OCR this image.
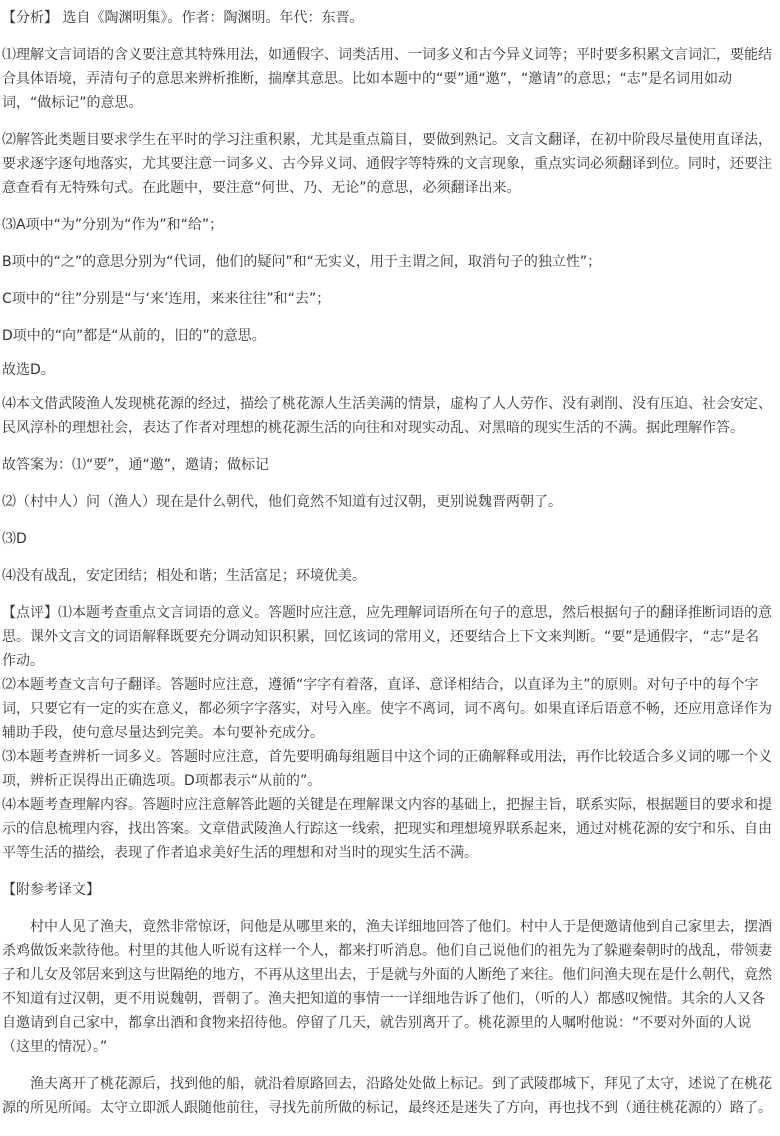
【分析】 选自《陶渊明集》。作者：陶渊明。年代：东晋。

⑴理解文言词语的含义要注意其特殊用法，如通假字、词类活用、一词多义和古今异义词等；平时要多积累文言词汇，要能结合具体语境，弄清句子的意思来辨析推断，揣摩其意思。比如本题中的“要”通“邀”，“邀请”的意思；“志”是名词用如动词，“做标记”的意思。

⑵解答此类题目要求学生在平时的学习注重积累，尤其是重点篇目，要做到熟记。文言文翻译，在初中阶段尽量使用直译法，要求逐字逐句地落实，尤其要注意一词多义、古今异义词、通假字等特殊的文言现象，重点实词必须翻译到位。同时，还要注意查看有无特殊句式。在此题中，要注意“何世、乃、无论”的意思，必须翻译出来。

⑶A项中“为”分别为“作为”和“给”；

B项中的“之”的意思分别为“代词，他们的疑问”和“无实义，用于主谓之间，取消句子的独立性”；

C项中的“往”分别是“与‘来’连用，来来往往”和“去”；

D项中的“向”都是“从前的，旧的”的意思。

故选D。

⑷本文借武陵渔人发现桃花源的经过，描绘了桃花源人生活美满的情景，虚构了人人劳作、没有剥削、没有压迫、社会安定、民风淳朴的理想社会，表达了作者对理想的桃花源生活的向往和对现实动乱、对黑暗的现实生活的不满。据此理解作答。

故答案为：⑴“要”，通“邀”，邀请；做标记

⑵（村中人）问（渔人）现在是什么朝代，他们竟然不知道有过汉朝，更别说魏晋两朝了。

⑶D

⑷没有战乱，安定团结；相处和谐；生活富足；环境优美。

【点评】⑴本题考查重点文言词语的意义。答题时应注意，应先理解词语所在句子的意思，然后根据句子的翻译推断词语的意思。课外文言文的词语解释既要充分调动知识积累，回忆该词的常用义，还要结合上下文来判断。“要”是通假字，“志”是名作动。

⑵本题考查文言句子翻译。答题时应注意，遵循“字字有着落，直译、意译相结合，以直译为主”的原则。对句子中的每个字词，只要它有一定的实在意义，都必须字字落实，对号入座。使字不离词，词不离句。如果直译后语意不畅，还应用意译作为辅助手段，使句意尽量达到完美。本句要补充成分。

⑶本题考查辨析一词多义。答题时应注意，首先要明确每组题目中这个词的正确解释或用法，再作比较适合多义词的哪一个义项，辨析正误得出正确选项。D项都表示“从前的”。

⑷本题考查理解内容。答题时应注意解答此题的关键是在理解课文内容的基础上，把握主旨，联系实际，根据题目的要求和提示的信息梳理内容，找出答案。文章借武陵渔人行踪这一线索，把现实和理想境界联系起来，通过对桃花源的安宁和乐、自由平等生活的描绘，表现了作者追求美好生活的理想和对当时的现实生活不满。

【附参考译文】

村中人见了渔夫，竟然非常惊讶，问他是从哪里来的，渔夫详细地回答了他们。村中人于是便邀请他到自己家里去，摆酒杀鸡做饭来款待他。村里的其他人听说有这样一个人，都来打听消息。他们自己说他们的祖先为了躲避秦朝时的战乱，带领妻子和儿女及邻居来到这与世隔绝的地方，不再从这里出去，于是就与外面的人断绝了来往。他们问渔夫现在是什么朝代，竟然不知道有过汉朝，更不用说魏朝，晋朝了。渔夫把知道的事情一一详细地告诉了他们，（听的人）都感叹惋惜。其余的人又各自邀请到自己家中，都拿出酒和食物来招待他。停留了几天，就告别离开了。桃花源里的人嘱咐他说：“不要对外面的人说（这里的情况）。”

渔夫离开了桃花源后，找到他的船，就沿着原路回去，沿路处处做上标记。到了武陵郡城下，拜见了太守，述说了在桃花源的所见所闻。太守立即派人跟随他前往，寻找先前所做的标记，最终还是迷失了方向，再也找不到（通往桃花源的）路了。
